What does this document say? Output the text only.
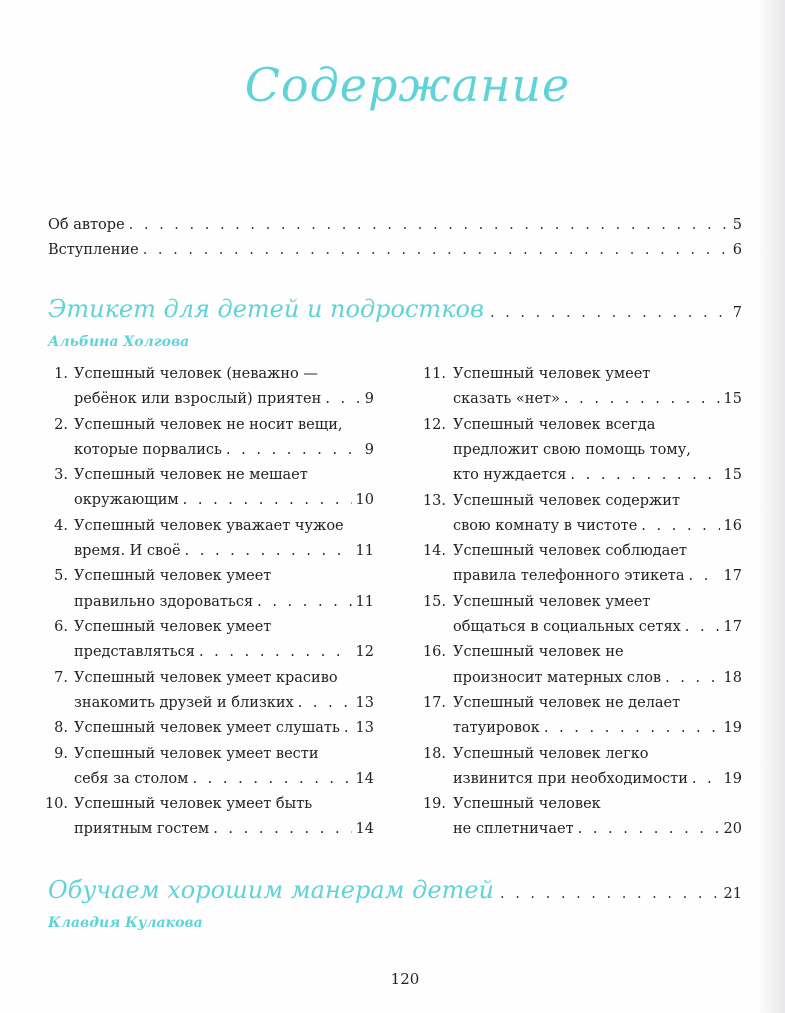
Содержание
Об авторе . . .	5
Вступление . . .	6
Этикет для детей и подростков . . .	7
Альбина Холгова
1. Успешный человек (неважно —
ребёнок или взрослый) приятен . . .	9
2. Успешный человек не носит вещи,
которые порвались . . .	9
3. Успешный человек не мешает
окружающим . . .	10
4. Успешный человек уважает чужое
время. И своё . . .	11
5. Успешный человек умеет
правильно здороваться . . .	11
6. Успешный человек умеет
представляться . . .	12
7. Успешный человек умеет красиво
знакомить друзей и близких . . .	13
8. Успешный человек умеет слушать . . . 13
9. Успешный человек умеет вести
себя за столом . . .	14
10. Успешный человек умеет быть
приятным гостем . . .	14
11. Успешный человек умеет
сказать «нет» . . .	15
12. Успешный человек всегда
предложит свою помощь тому,
кто нуждается . . .	15
13. Успешный человек содержит
свою комнату в чистоте . . .	16
14. Успешный человек соблюдает
правила телефонного этикета . . .	17
15. Успешный человек умеет
общаться в социальных сетях . . .	17
16. Успешный человек не
произносит матерных слов . . .	18
17. Успешный человек не делает
татуировок . . .	19
18. Успешный человек легко
извинится при необходимости . . . 19
19. Успешный человек
не сплетничает . . .	20
Обучаем хорошим манерам детей . . .	21
Клавдия Кулакова
120
